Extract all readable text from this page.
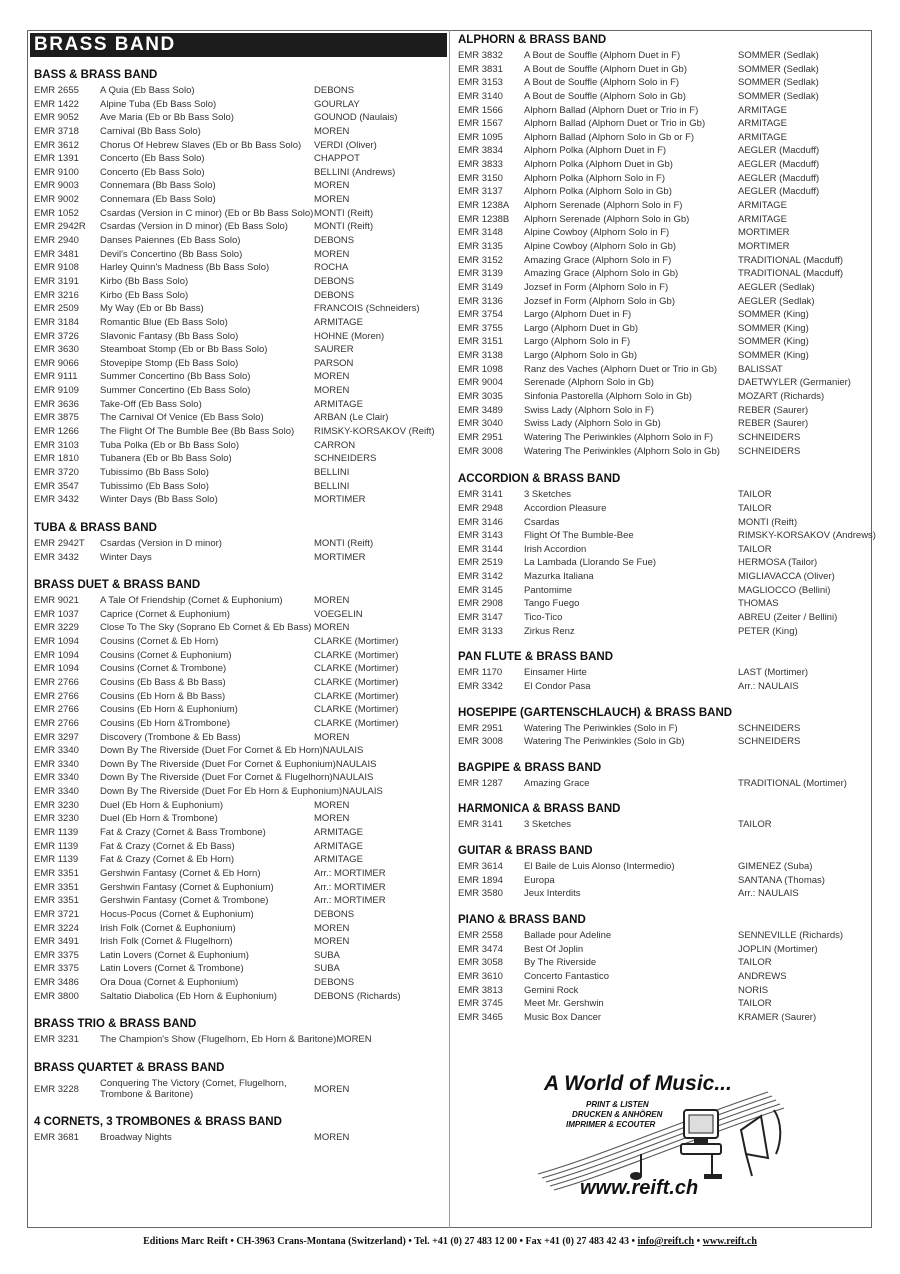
BRASS BAND
BASS & BRASS BAND
EMR 2655	A Quia (Eb Bass Solo)	DEBONS
EMR 1422	Alpine Tuba (Eb Bass Solo)	GOURLAY
EMR 9052	Ave Maria (Eb or Bb Bass Solo)	GOUNOD (Naulais)
EMR 3718	Carnival (Bb Bass Solo)	MOREN
EMR 3612	Chorus Of Hebrew Slaves (Eb or Bb Bass Solo)	VERDI (Oliver)
EMR 1391	Concerto (Eb Bass Solo)	CHAPPOT
EMR 9100	Concerto (Eb Bass Solo)	BELLINI (Andrews)
EMR 9003	Connemara (Bb Bass Solo)	MOREN
EMR 9002	Connemara (Eb Bass Solo)	MOREN
EMR 1052	Csardas (Version in C minor) (Eb or Bb Bass Solo) MONTI (Reift)
EMR 2942R	Csardas (Version in D minor) (Eb Bass Solo)	MONTI (Reift)
EMR 2940	Danses Paiennes (Eb Bass Solo)	DEBONS
EMR 3481	Devil's Concertino (Bb Bass Solo)	MOREN
EMR 9108	Harley Quinn's Madness (Bb Bass Solo)	ROCHA
EMR 3191	Kirbo (Bb Bass Solo)	DEBONS
EMR 3216	Kirbo (Eb Bass Solo)	DEBONS
EMR 2509	My Way (Eb or Bb Bass)	FRANCOIS (Schneiders)
EMR 3184	Romantic Blue (Eb Bass Solo)	ARMITAGE
EMR 3726	Slavonic Fantasy (Bb Bass Solo)	HOHNE (Moren)
EMR 3630	Steamboat Stomp (Eb or Bb Bass Solo)	SAURER
EMR 9066	Stovepipe Stomp (Eb Bass Solo)	PARSON
EMR 9111	Summer Concertino (Bb Bass Solo)	MOREN
EMR 9109	Summer Concertino (Eb Bass Solo)	MOREN
EMR 3636	Take-Off (Eb Bass Solo)	ARMITAGE
EMR 3875	The Carnival Of Venice (Eb Bass Solo)	ARBAN (Le Clair)
EMR 1266	The Flight Of The Bumble Bee (Bb Bass Solo)	RIMSKY-KORSAKOV (Reift)
EMR 3103	Tuba Polka (Eb or Bb Bass Solo)	CARRON
EMR 1810	Tubanera (Eb or Bb Bass Solo)	SCHNEIDERS
EMR 3720	Tubissimo (Bb Bass Solo)	BELLINI
EMR 3547	Tubissimo (Eb Bass Solo)	BELLINI
EMR 3432	Winter Days (Bb Bass Solo)	MORTIMER
TUBA & BRASS BAND
EMR 2942T	Csardas (Version in D minor)	MONTI (Reift)
EMR 3432	Winter Days	MORTIMER
BRASS DUET & BRASS BAND
EMR 9021	A Tale Of Friendship (Cornet & Euphonium)	MOREN
EMR 1037	Caprice (Cornet & Euphonium)	VOEGELIN
EMR 3229	Close To The Sky (Soprano Eb Cornet & Eb Bass) MOREN
EMR 1094	Cousins (Cornet & Eb Horn)	CLARKE (Mortimer)
EMR 1094	Cousins (Cornet & Euphonium)	CLARKE (Mortimer)
EMR 1094	Cousins (Cornet & Trombone)	CLARKE (Mortimer)
EMR 2766	Cousins (Eb Bass & Bb Bass)	CLARKE (Mortimer)
EMR 2766	Cousins (Eb Horn & Bb Bass)	CLARKE (Mortimer)
EMR 2766	Cousins (Eb Horn & Euphonium)	CLARKE (Mortimer)
EMR 2766	Cousins (Eb Horn &Trombone)	CLARKE (Mortimer)
EMR 3297	Discovery (Trombone & Eb Bass)	MOREN
EMR 3340	Down By The Riverside (Duet For Cornet & Eb Horn) NAULAIS
EMR 3340	Down By The Riverside (Duet For Cornet & Euphonium) NAULAIS
EMR 3340	Down By The Riverside (Duet For Cornet & Flugelhorn) NAULAIS
EMR 3340	Down By The Riverside (Duet For Eb Horn & Euphonium) NAULAIS
EMR 3230	Duel (Eb Horn & Euphonium)	MOREN
EMR 3230	Duel (Eb Horn & Trombone)	MOREN
EMR 1139	Fat & Crazy (Cornet & Bass Trombone)	ARMITAGE
EMR 1139	Fat & Crazy (Cornet & Eb Bass)	ARMITAGE
EMR 1139	Fat & Crazy (Cornet & Eb Horn)	ARMITAGE
EMR 3351	Gershwin Fantasy (Cornet & Eb Horn)	Arr.: MORTIMER
EMR 3351	Gershwin Fantasy (Cornet & Euphonium)	Arr.: MORTIMER
EMR 3351	Gershwin Fantasy (Cornet & Trombone)	Arr.: MORTIMER
EMR 3721	Hocus-Pocus (Cornet & Euphonium)	DEBONS
EMR 3224	Irish Folk (Cornet & Euphonium)	MOREN
EMR 3491	Irish Folk (Cornet & Flugelhorn)	MOREN
EMR 3375	Latin Lovers (Cornet & Euphonium)	SUBA
EMR 3375	Latin Lovers (Cornet & Trombone)	SUBA
EMR 3486	Ora Doua (Cornet & Euphonium)	DEBONS
EMR 3800	Saltatio Diabolica (Eb Horn & Euphonium)	DEBONS (Richards)
BRASS TRIO & BRASS BAND
EMR 3231	The Champion's Show (Flugelhorn, Eb Horn & Baritone) MOREN
BRASS QUARTET & BRASS BAND
EMR 3228	Conquering The Victory (Cornet, Flugelhorn, Trombone & Baritone)	MOREN
4 CORNETS, 3 TROMBONES & BRASS BAND
EMR 3681	Broadway Nights	MOREN
ALPHORN & BRASS BAND
EMR 3832	A Bout de Souffle (Alphorn Duet in F)	SOMMER (Sedlak)
EMR 3831	A Bout de Souffle (Alphorn Duet in Gb)	SOMMER (Sedlak)
EMR 3153	A Bout de Souffle (Alphorn Solo in F)	SOMMER (Sedlak)
EMR 3140	A Bout de Souffle (Alphorn Solo in Gb)	SOMMER (Sedlak)
EMR 1566	Alphorn Ballad (Alphorn Duet or Trio in F)	ARMITAGE
EMR 1567	Alphorn Ballad (Alphorn Duet or Trio in Gb)	ARMITAGE
EMR 1095	Alphorn Ballad (Alphorn Solo in Gb or F)	ARMITAGE
EMR 3834	Alphorn Polka (Alphorn Duet in F)	AEGLER (Macduff)
EMR 3833	Alphorn Polka (Alphorn Duet in Gb)	AEGLER (Macduff)
EMR 3150	Alphorn Polka (Alphorn Solo in F)	AEGLER (Macduff)
EMR 3137	Alphorn Polka (Alphorn Solo in Gb)	AEGLER (Macduff)
EMR 1238A	Alphorn Serenade (Alphorn Solo in F)	ARMITAGE
EMR 1238B	Alphorn Serenade (Alphorn Solo in Gb)	ARMITAGE
EMR 3148	Alpine Cowboy (Alphorn Solo in F)	MORTIMER
EMR 3135	Alpine Cowboy (Alphorn Solo in Gb)	MORTIMER
EMR 3152	Amazing Grace (Alphorn Solo in F)	TRADITIONAL (Macduff)
EMR 3139	Amazing Grace (Alphorn Solo in Gb)	TRADITIONAL (Macduff)
EMR 3149	Jozsef in Form (Alphorn Solo in F)	AEGLER (Sedlak)
EMR 3136	Jozsef in Form (Alphorn Solo in Gb)	AEGLER (Sedlak)
EMR 3754	Largo (Alphorn Duet in F)	SOMMER (King)
EMR 3755	Largo (Alphorn Duet in Gb)	SOMMER (King)
EMR 3151	Largo (Alphorn Solo in F)	SOMMER (King)
EMR 3138	Largo (Alphorn Solo in Gb)	SOMMER (King)
EMR 1098	Ranz des Vaches (Alphorn Duet or Trio in Gb)	BALISSAT
EMR 9004	Serenade (Alphorn Solo in Gb)	DAETWYLER (Germanier)
EMR 3035	Sinfonia Pastorella (Alphorn Solo in Gb)	MOZART (Richards)
EMR 3489	Swiss Lady (Alphorn Solo in F)	REBER (Saurer)
EMR 3040	Swiss Lady (Alphorn Solo in Gb)	REBER (Saurer)
EMR 2951	Watering The Periwinkles (Alphorn Solo in F)	SCHNEIDERS
EMR 3008	Watering The Periwinkles (Alphorn Solo in Gb)	SCHNEIDERS
ACCORDION & BRASS BAND
EMR 3141	3 Sketches	TAILOR
EMR 2948	Accordion Pleasure	TAILOR
EMR 3146	Csardas	MONTI (Reift)
EMR 3143	Flight Of The Bumble-Bee	RIMSKY-KORSAKOV (Andrews)
EMR 3144	Irish Accordion	TAILOR
EMR 2519	La Lambada (Llorando Se Fue)	HERMOSA (Tailor)
EMR 3142	Mazurka Italiana	MIGLIAVACCA (Oliver)
EMR 3145	Pantomime	MAGLIOCCO (Bellini)
EMR 2908	Tango Fuego	THOMAS
EMR 3147	Tico-Tico	ABREU (Zeiter / Bellini)
EMR 3133	Zirkus Renz	PETER (King)
PAN FLUTE & BRASS BAND
EMR 1170	Einsamer Hirte	LAST (Mortimer)
EMR 3342	El Condor Pasa	Arr.: NAULAIS
HOSEPIPE (GARTENSCHLAUCH) & BRASS BAND
EMR 2951	Watering The Periwinkles (Solo in F)	SCHNEIDERS
EMR 3008	Watering The Periwinkles (Solo in Gb)	SCHNEIDERS
BAGPIPE & BRASS BAND
EMR 1287	Amazing Grace	TRADITIONAL (Mortimer)
HARMONICA & BRASS BAND
EMR 3141	3 Sketches	TAILOR
GUITAR & BRASS BAND
EMR 3614	El Baile de Luis Alonso (Intermedio)	GIMENEZ (Suba)
EMR 1894	Europa	SANTANA (Thomas)
EMR 3580	Jeux Interdits	Arr.: NAULAIS
PIANO & BRASS BAND
EMR 2558	Ballade pour Adeline	SENNEVILLE (Richards)
EMR 3474	Best Of Joplin	JOPLIN (Mortimer)
EMR 3058	By The Riverside	TAILOR
EMR 3610	Concerto Fantastico	ANDREWS
EMR 3813	Gemini Rock	NORIS
EMR 3745	Meet Mr. Gershwin	TAILOR
EMR 3465	Music Box Dancer	KRAMER (Saurer)
A World of Music...
PRINT & LISTEN
DRUCKEN & ANHÖREN
IMPRIMER & ECOUTER
www.reift.ch
Editions Marc Reift • CH-3963 Crans-Montana (Switzerland) • Tel. +41 (0) 27 483 12 00 • Fax +41 (0) 27 483 42 43 • info@reift.ch • www.reift.ch
